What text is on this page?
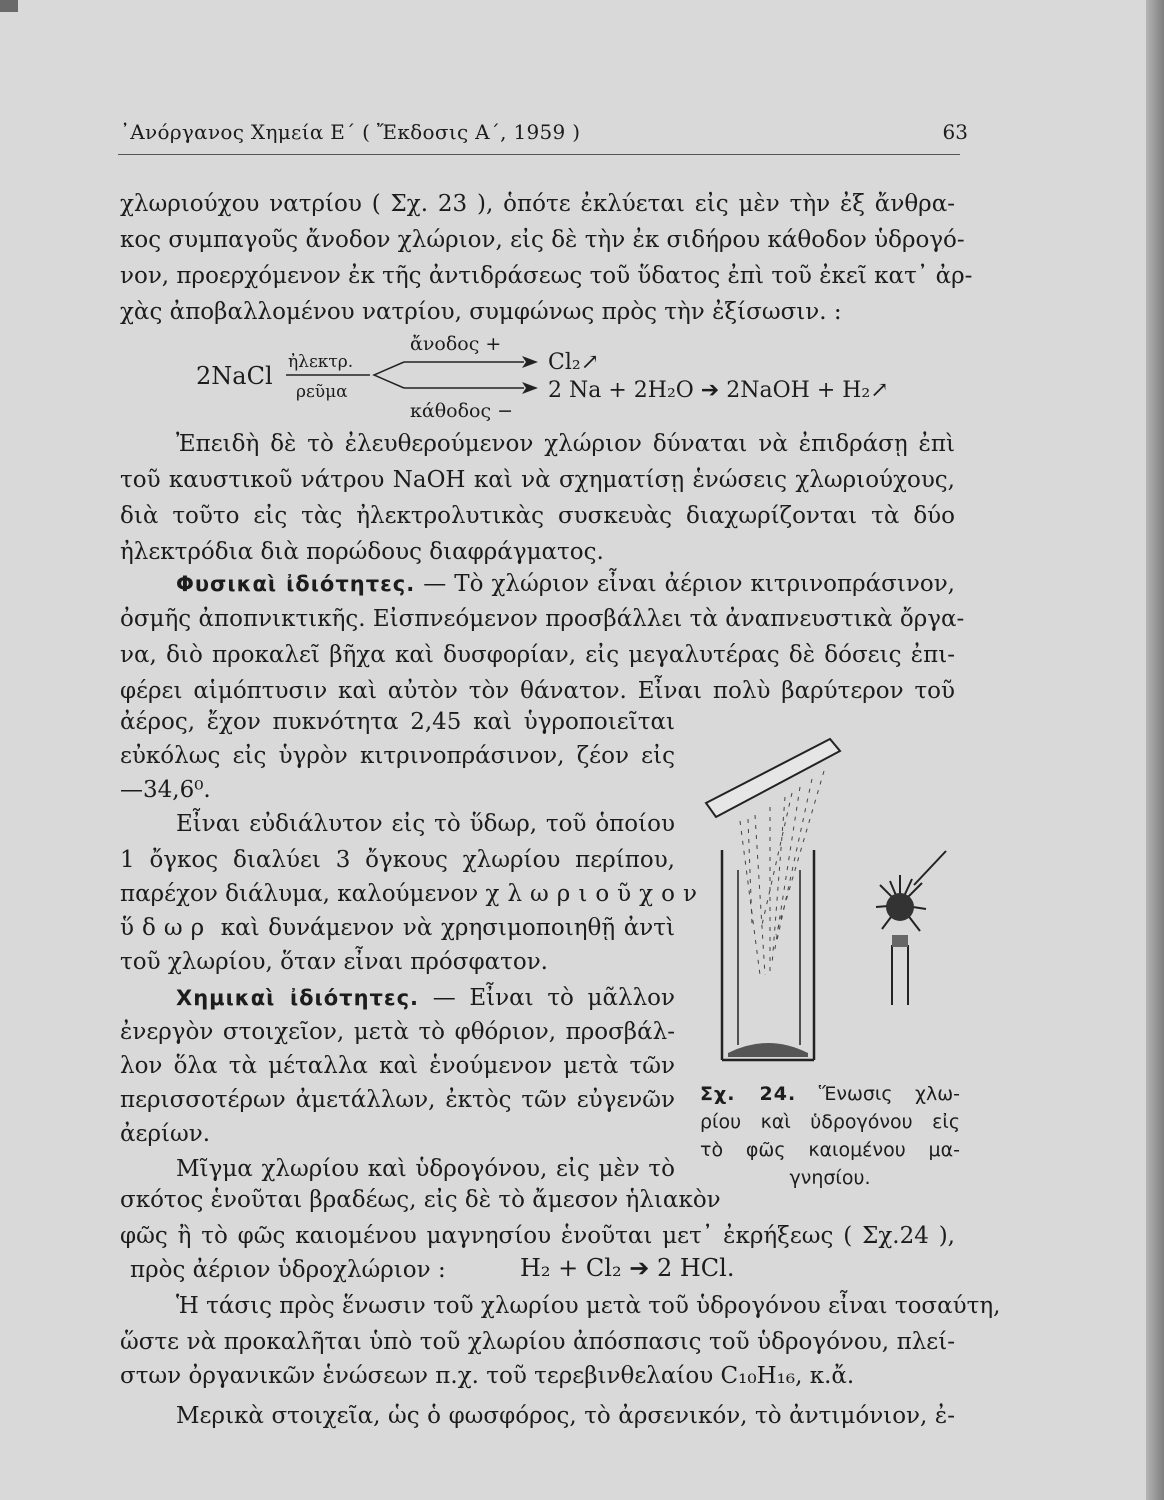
᾿Ανόργανος Χημεία Ε΄ ( Ἔκδοσις Α΄, 1959 )	63
χλωριούχου νατρίου ( Σχ. 23 ), ὁπότε ἐκλύεται εἰς μὲν τὴν ἐξ ἄνθρα-
κος συμπαγοῦς ἄνοδον χλώριον, εἰς δὲ τὴν ἐκ σιδήρου κάθοδον ὑδρογό-
νον, προερχόμενον ἐκ τῆς ἀντιδράσεως τοῦ ὕδατος ἐπὶ τοῦ ἐκεῖ κατ᾿ ἀρ-
χὰς ἀποβαλλομένου νατρίου, συμφώνως πρὸς τὴν ἐξίσωσιν. :
ἄνοδος +
2NaCl ἠλεκτρ.
ρεῦμα
Cl₂↗
2 Na + 2H₂O ➔ 2NaOH + H₂↗
κάθοδος −
Ἐπειδὴ δὲ τὸ ἐλευθερούμενον χλώριον δύναται νὰ ἐπιδράσῃ ἐπὶ
τοῦ καυστικοῦ νάτρου NaOH καὶ νὰ σχηματίσῃ ἑνώσεις χλωριούχους,
διὰ τοῦτο εἰς τὰς ἠλεκτρολυτικὰς συσκευὰς διαχωρίζονται τὰ δύο
ἠλεκτρόδια διὰ πορώδους διαφράγματος.
Φυσικαὶ ἰδιότητες. — Τὸ χλώριον εἶναι ἀέριον κιτρινοπράσινον,
ὀσμῆς ἀποπνικτικῆς. Εἰσπνεόμενον προσβάλλει τὰ ἀναπνευστικὰ ὄργα-
να, διὸ προκαλεῖ βῆχα καὶ δυσφορίαν, εἰς μεγαλυτέρας δὲ δόσεις ἐπι-
φέρει αἱμόπτυσιν καὶ αὐτὸν τὸν θάνατον. Εἶναι πολὺ βαρύτερον τοῦ
ἀέρος, ἔχον πυκνότητα 2,45 καὶ ὑγροποιεῖται
εὐκόλως εἰς ὑγρὸν κιτρινοπράσινον, ζέον εἰς
—34,6⁰.
Εἶναι εὐδιάλυτον εἰς τὸ ὕδωρ, τοῦ ὁποίου
1 ὄγκος διαλύει 3 ὄγκους χλωρίου περίπου,
παρέχον διάλυμα, καλούμενον χλωριοῦχον
ὕδωρ καὶ δυνάμενον νὰ χρησιμοποιηθῇ ἀντὶ
τοῦ χλωρίου, ὅταν εἶναι πρόσφατον.
Χημικαὶ ἰδιότητες. — Εἶναι τὸ μᾶλλον
ἐνεργὸν στοιχεῖον, μετὰ τὸ φθόριον, προσβάλ-
λον ὅλα τὰ μέταλλα καὶ ἑνούμενον μετὰ τῶν
περισσοτέρων ἀμετάλλων, ἐκτὸς τῶν εὐγενῶν
ἀερίων.
Μῖγμα χλωρίου καὶ ὑδρογόνου, εἰς μὲν τὸ
σκότος ἑνοῦται βραδέως, εἰς δὲ τὸ ἄμεσον ἡλιακὸν
φῶς ἢ τὸ φῶς καιομένου μαγνησίου ἑνοῦται μετ᾿ ἐκρήξεως ( Σχ.24 ),
πρὸς ἀέριον ὑδροχλώριον :	H₂ + Cl₂ ➔ 2 HCl.
Ἡ τάσις πρὸς ἕνωσιν τοῦ χλωρίου μετὰ τοῦ ὑδρογόνου εἶναι τοσαύτη,
ὥστε νὰ προκαλῆται ὑπὸ τοῦ χλωρίου ἀπόσπασις τοῦ ὑδρογόνου, πλεί-
στων ὀργανικῶν ἑνώσεων π.χ. τοῦ τερεβινθελαίου C₁₀H₁₆, κ.ἄ.
Μερικὰ στοιχεῖα, ὡς ὁ φωσφόρος, τὸ ἀρσενικόν, τὸ ἀντιμόνιον, ἐ-
Σχ. 24. Ἕνωσις χλω-
ρίου καὶ ὑδρογόνου εἰς
τὸ φῶς καιομένου μα-
γνησίου.
